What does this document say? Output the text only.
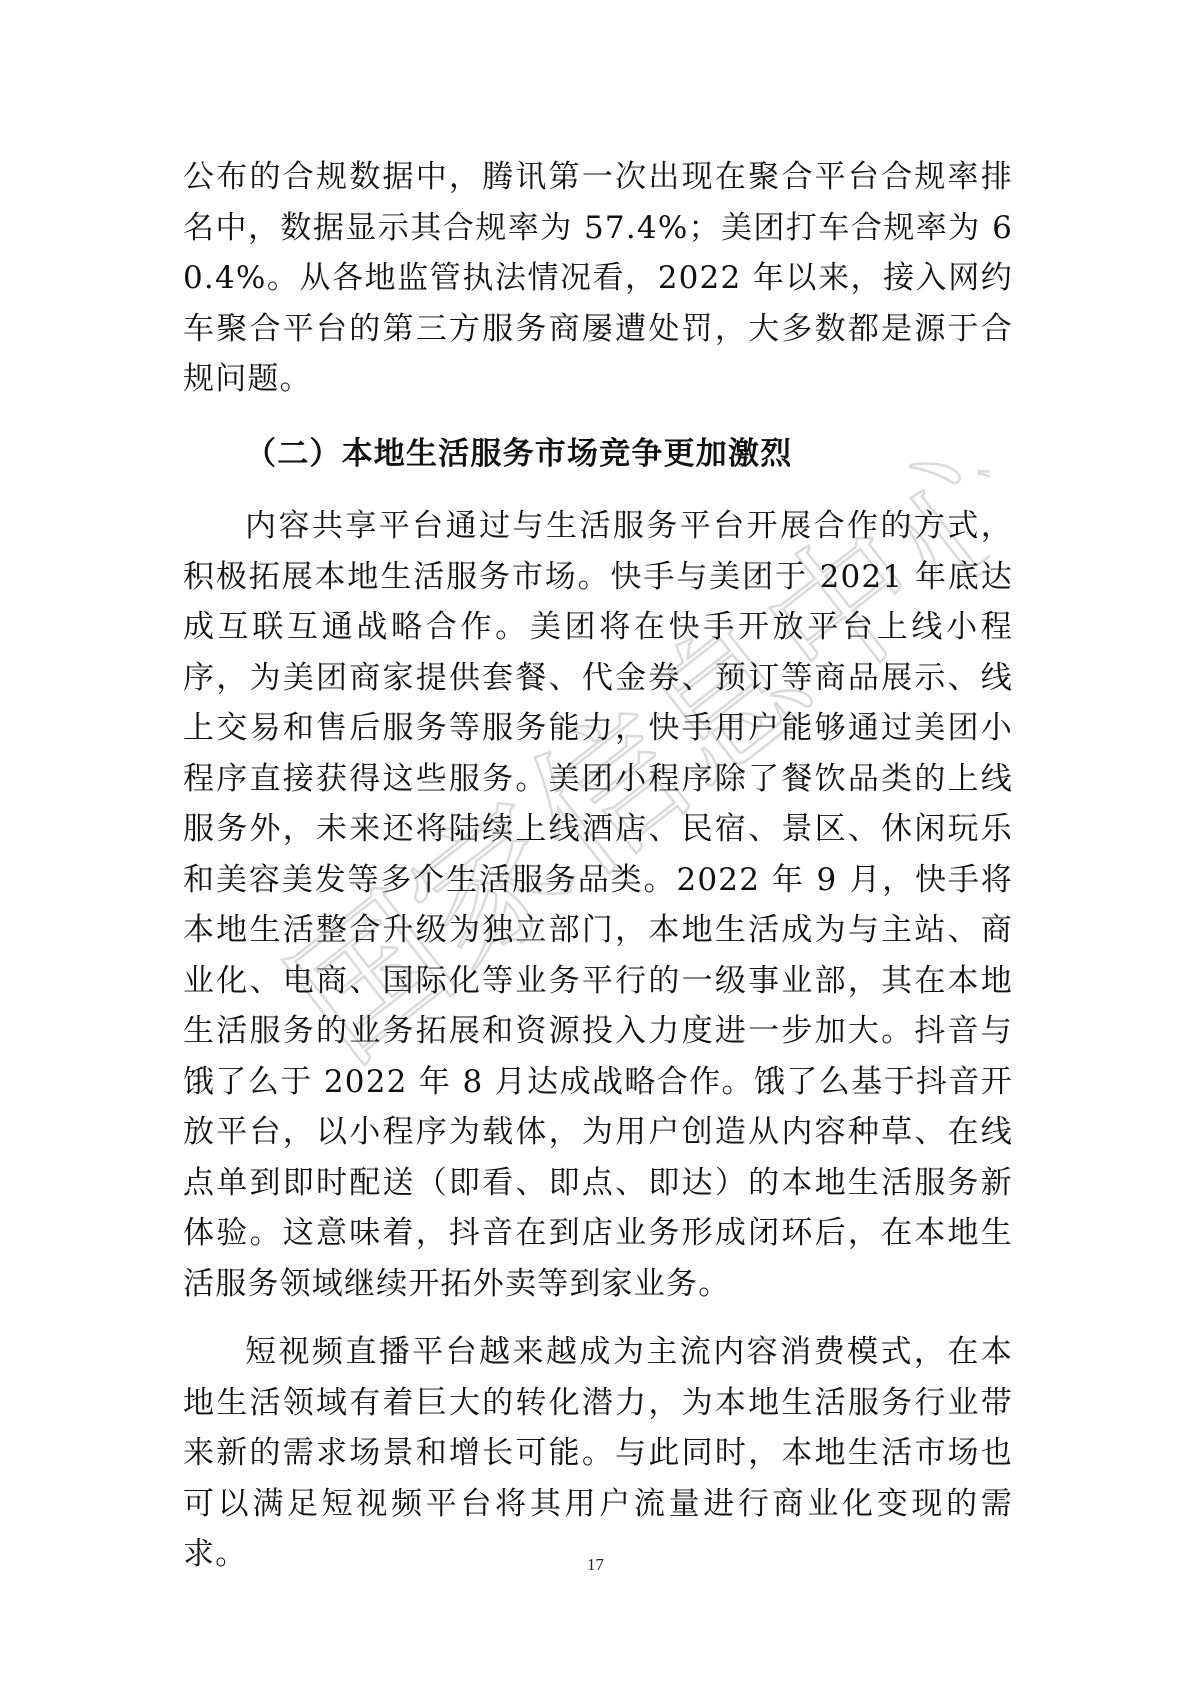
国家信息中心

公布的合规数据中，腾讯第一次出现在聚合平台合规率排名中，数据显示其合规率为 57.4%；美团打车合规率为 60.4%。从各地监管执法情况看，2022 年以来，接入网约车聚合平台的第三方服务商屡遭处罚，大多数都是源于合规问题。

（二）本地生活服务市场竞争更加激烈

内容共享平台通过与生活服务平台开展合作的方式，积极拓展本地生活服务市场。快手与美团于 2021 年底达成互联互通战略合作。美团将在快手开放平台上线小程序，为美团商家提供套餐、代金券、预订等商品展示、线上交易和售后服务等服务能力，快手用户能够通过美团小程序直接获得这些服务。美团小程序除了餐饮品类的上线服务外，未来还将陆续上线酒店、民宿、景区、休闲玩乐和美容美发等多个生活服务品类。2022 年 9 月，快手将本地生活整合升级为独立部门，本地生活成为与主站、商业化、电商、国际化等业务平行的一级事业部，其在本地生活服务的业务拓展和资源投入力度进一步加大。抖音与饿了么于 2022 年 8 月达成战略合作。饿了么基于抖音开放平台，以小程序为载体，为用户创造从内容种草、在线点单到即时配送（即看、即点、即达）的本地生活服务新体验。这意味着，抖音在到店业务形成闭环后，在本地生活服务领域继续开拓外卖等到家业务。

短视频直播平台越来越成为主流内容消费模式，在本地生活领域有着巨大的转化潜力，为本地生活服务行业带来新的需求场景和增长可能。与此同时，本地生活市场也可以满足短视频平台将其用户流量进行商业化变现的需求。	17
